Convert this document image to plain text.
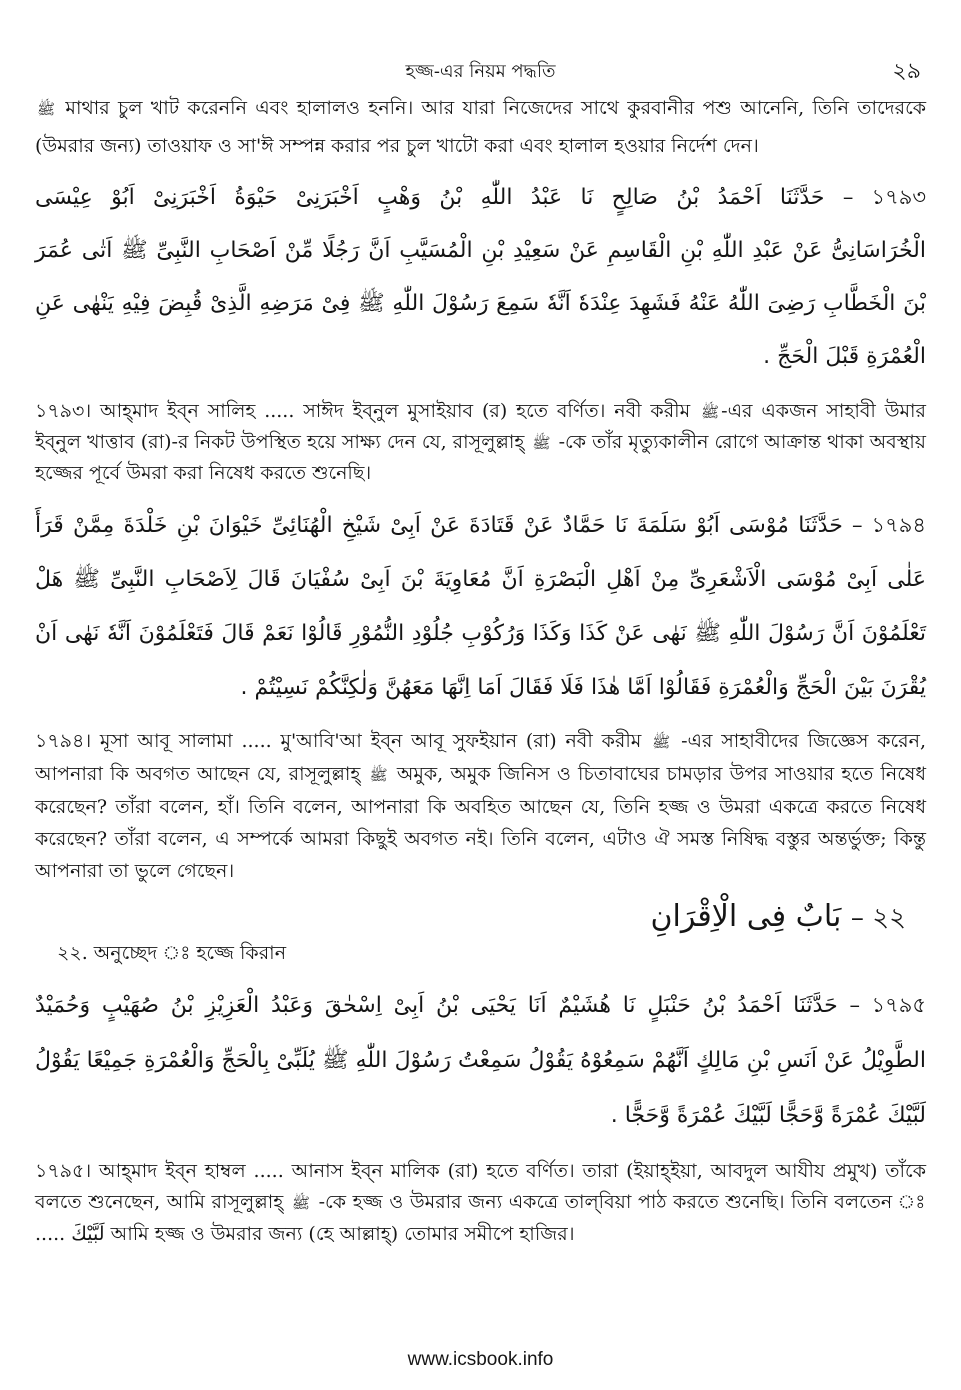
হজ্জ-এর নিয়ম পদ্ধতি	২৯

ﷺ মাথার চুল খাট করেননি এবং হালালও হননি। আর যারা নিজেদের সাথে কুরবানীর পশু আনেনি, তিনি তাদেরকে (উমরার জন্য) তাওয়াফ ও সা'ঈ সম্পন্ন করার পর চুল খাটো করা এবং হালাল হওয়ার নির্দেশ দেন।

১৭৯৩ – حَدَّثَنَا اَحْمَدُ بْنُ صَالِحٍ نَا عَبْدُ اللّٰهِ بْنُ وَهْبٍ اَخْبَرَنِىْ حَيْوَةُ اَخْبَرَنِىْ اَبُوْ عِيْسَى
الْخُرَاسَانِىُّ عَنْ عَبْدِ اللّٰهِ بْنِ الْقَاسِمِ عَنْ سَعِيْدِ بْنِ الْمُسَيَّبِ اَنَّ رَجُلًا مِّنْ اَصْحَابِ النَّبِىِّ ﷺ اَتٰى عُمَرَ
بْنَ الْخَطَّابِ رَضِىَ اللّٰهُ عَنْهُ فَشَهِدَ عِنْدَهٗ اَنَّهٗ سَمِعَ رَسُوْلَ اللّٰهِ ﷺ فِىْ مَرَضِهِ الَّذِىْ قُبِضَ فِيْهِ يَنْهٰى عَنِ
الْعُمْرَةِ قَبْلَ الْحَجِّ .

১৭৯৩। আহ্‌মাদ ইব্‌ন সালিহ ..... সাঈদ ইব্‌নুল মুসাইয়াব (র) হতে বর্ণিত। নবী করীম ﷺ -এর একজন সাহাবী উমার ইব্‌নুল খাত্তাব (রা)-র নিকট উপস্থিত হয়ে সাক্ষ্য দেন যে, রাসূলুল্লাহ্ ﷺ -কে তাঁর মৃত্যুকালীন রোগে আক্রান্ত থাকা অবস্থায় হজ্জের পূর্বে উমরা করা নিষেধ করতে শুনেছি।

১৭৯৪ – حَدَّثَنَا مُوْسَى اَبُوْ سَلَمَةَ نَا حَمَّادٌ عَنْ قَتَادَةَ عَنْ اَبِىْ شَيْخِ الْهُنَائِىِّ خَيْوَانَ بْنِ خَلْدَةَ مِمَّنْ قَرَأَ
عَلٰى اَبِىْ مُوْسَى الْاَشْعَرِىِّ مِنْ اَهْلِ الْبَصْرَةِ اَنَّ مُعَاوِيَةَ بْنَ اَبِىْ سُفْيَانَ قَالَ لِاَصْحَابِ النَّبِىِّ ﷺ هَلْ
تَعْلَمُوْنَ اَنَّ رَسُوْلَ اللّٰهِ ﷺ نَهٰى عَنْ كَذَا وَكَذَا وَرُكُوْبِ جُلُوْدِ النُّمُوْرِ قَالُوْا نَعَمْ قَالَ فَتَعْلَمُوْنَ اَنَّهٗ نَهٰى اَنْ
يُقْرَنَ بَيْنَ الْحَجِّ وَالْعُمْرَةِ فَقَالُوْا اَمَّا هٰذَا فَلَا فَقَالَ اَمَا اِنَّهَا مَعَهُنَّ وَلٰكِنَّكُمْ نَسِيْتُمْ .

১৭৯৪। মূসা আবূ সালামা ..... মু'আবি'আ ইব্‌ন আবূ সুফইয়ান (রা) নবী করীম ﷺ -এর সাহাবীদের জিজ্ঞেস করেন, আপনারা কি অবগত আছেন যে, রাসূলুল্লাহ্ ﷺ অমুক, অমুক জিনিস ও চিতাবাঘের চামড়ার উপর সাওয়ার হতে নিষেধ করেছেন? তাঁরা বলেন, হাঁ। তিনি বলেন, আপনারা কি অবহিত আছেন যে, তিনি হজ্জ ও উমরা একত্রে করতে নিষেধ করেছেন? তাঁরা বলেন, এ সম্পর্কে আমরা কিছুই অবগত নই। তিনি বলেন, এটাও ঐ সমস্ত নিষিদ্ধ বস্তুর অন্তর্ভুক্ত; কিন্তু আপনারা তা ভুলে গেছেন।

২২ – بَابٌ فِى الْاِقْرَانِ
২২. অনুচ্ছেদ ঃ হজ্জে কিরান
১৭৯৫ – حَدَّثَنَا اَحْمَدُ بْنُ حَنْبَلٍ نَا هُشَيْمٌ اَنَا يَحْيَى بْنُ اَبِىْ اِسْحٰقَ وَعَبْدُ الْعَزِيْزِ بْنُ صُهَيْبٍ وَحُمَيْدٌ
الطَّوِيْلُ عَنْ اَنَسِ بْنِ مَالِكٍ اَنَّهُمْ سَمِعُوْهُ يَقُوْلُ سَمِعْتُ رَسُوْلَ اللّٰهِ ﷺ يُلَبِّىْ بِالْحَجِّ وَالْعُمْرَةِ جَمِيْعًا يَقُوْلُ
لَبَّيْكَ عُمْرَةً وَّحَجًّا لَبَّيْكَ عُمْرَةً وَّحَجًّا .

১৭৯৫। আহ্‌মাদ ইব্‌ন হাম্বল ..... আনাস ইব্‌ন মালিক (রা) হতে বর্ণিত। তারা (ইয়াহ্‌ইয়া, আবদুল আযীয প্রমুখ) তাঁকে বলতে শুনেছেন, আমি রাসূলুল্লাহ্ ﷺ -কে হজ্জ ও উমরার জন্য একত্রে তাল্‌বিয়া পাঠ করতে শুনেছি। তিনি বলতেন ঃ ..... لَبَّيْكَ আমি হজ্জ ও উমরার জন্য (হে আল্লাহ্) তোমার সমীপে হাজির।

www.icsbook.info
